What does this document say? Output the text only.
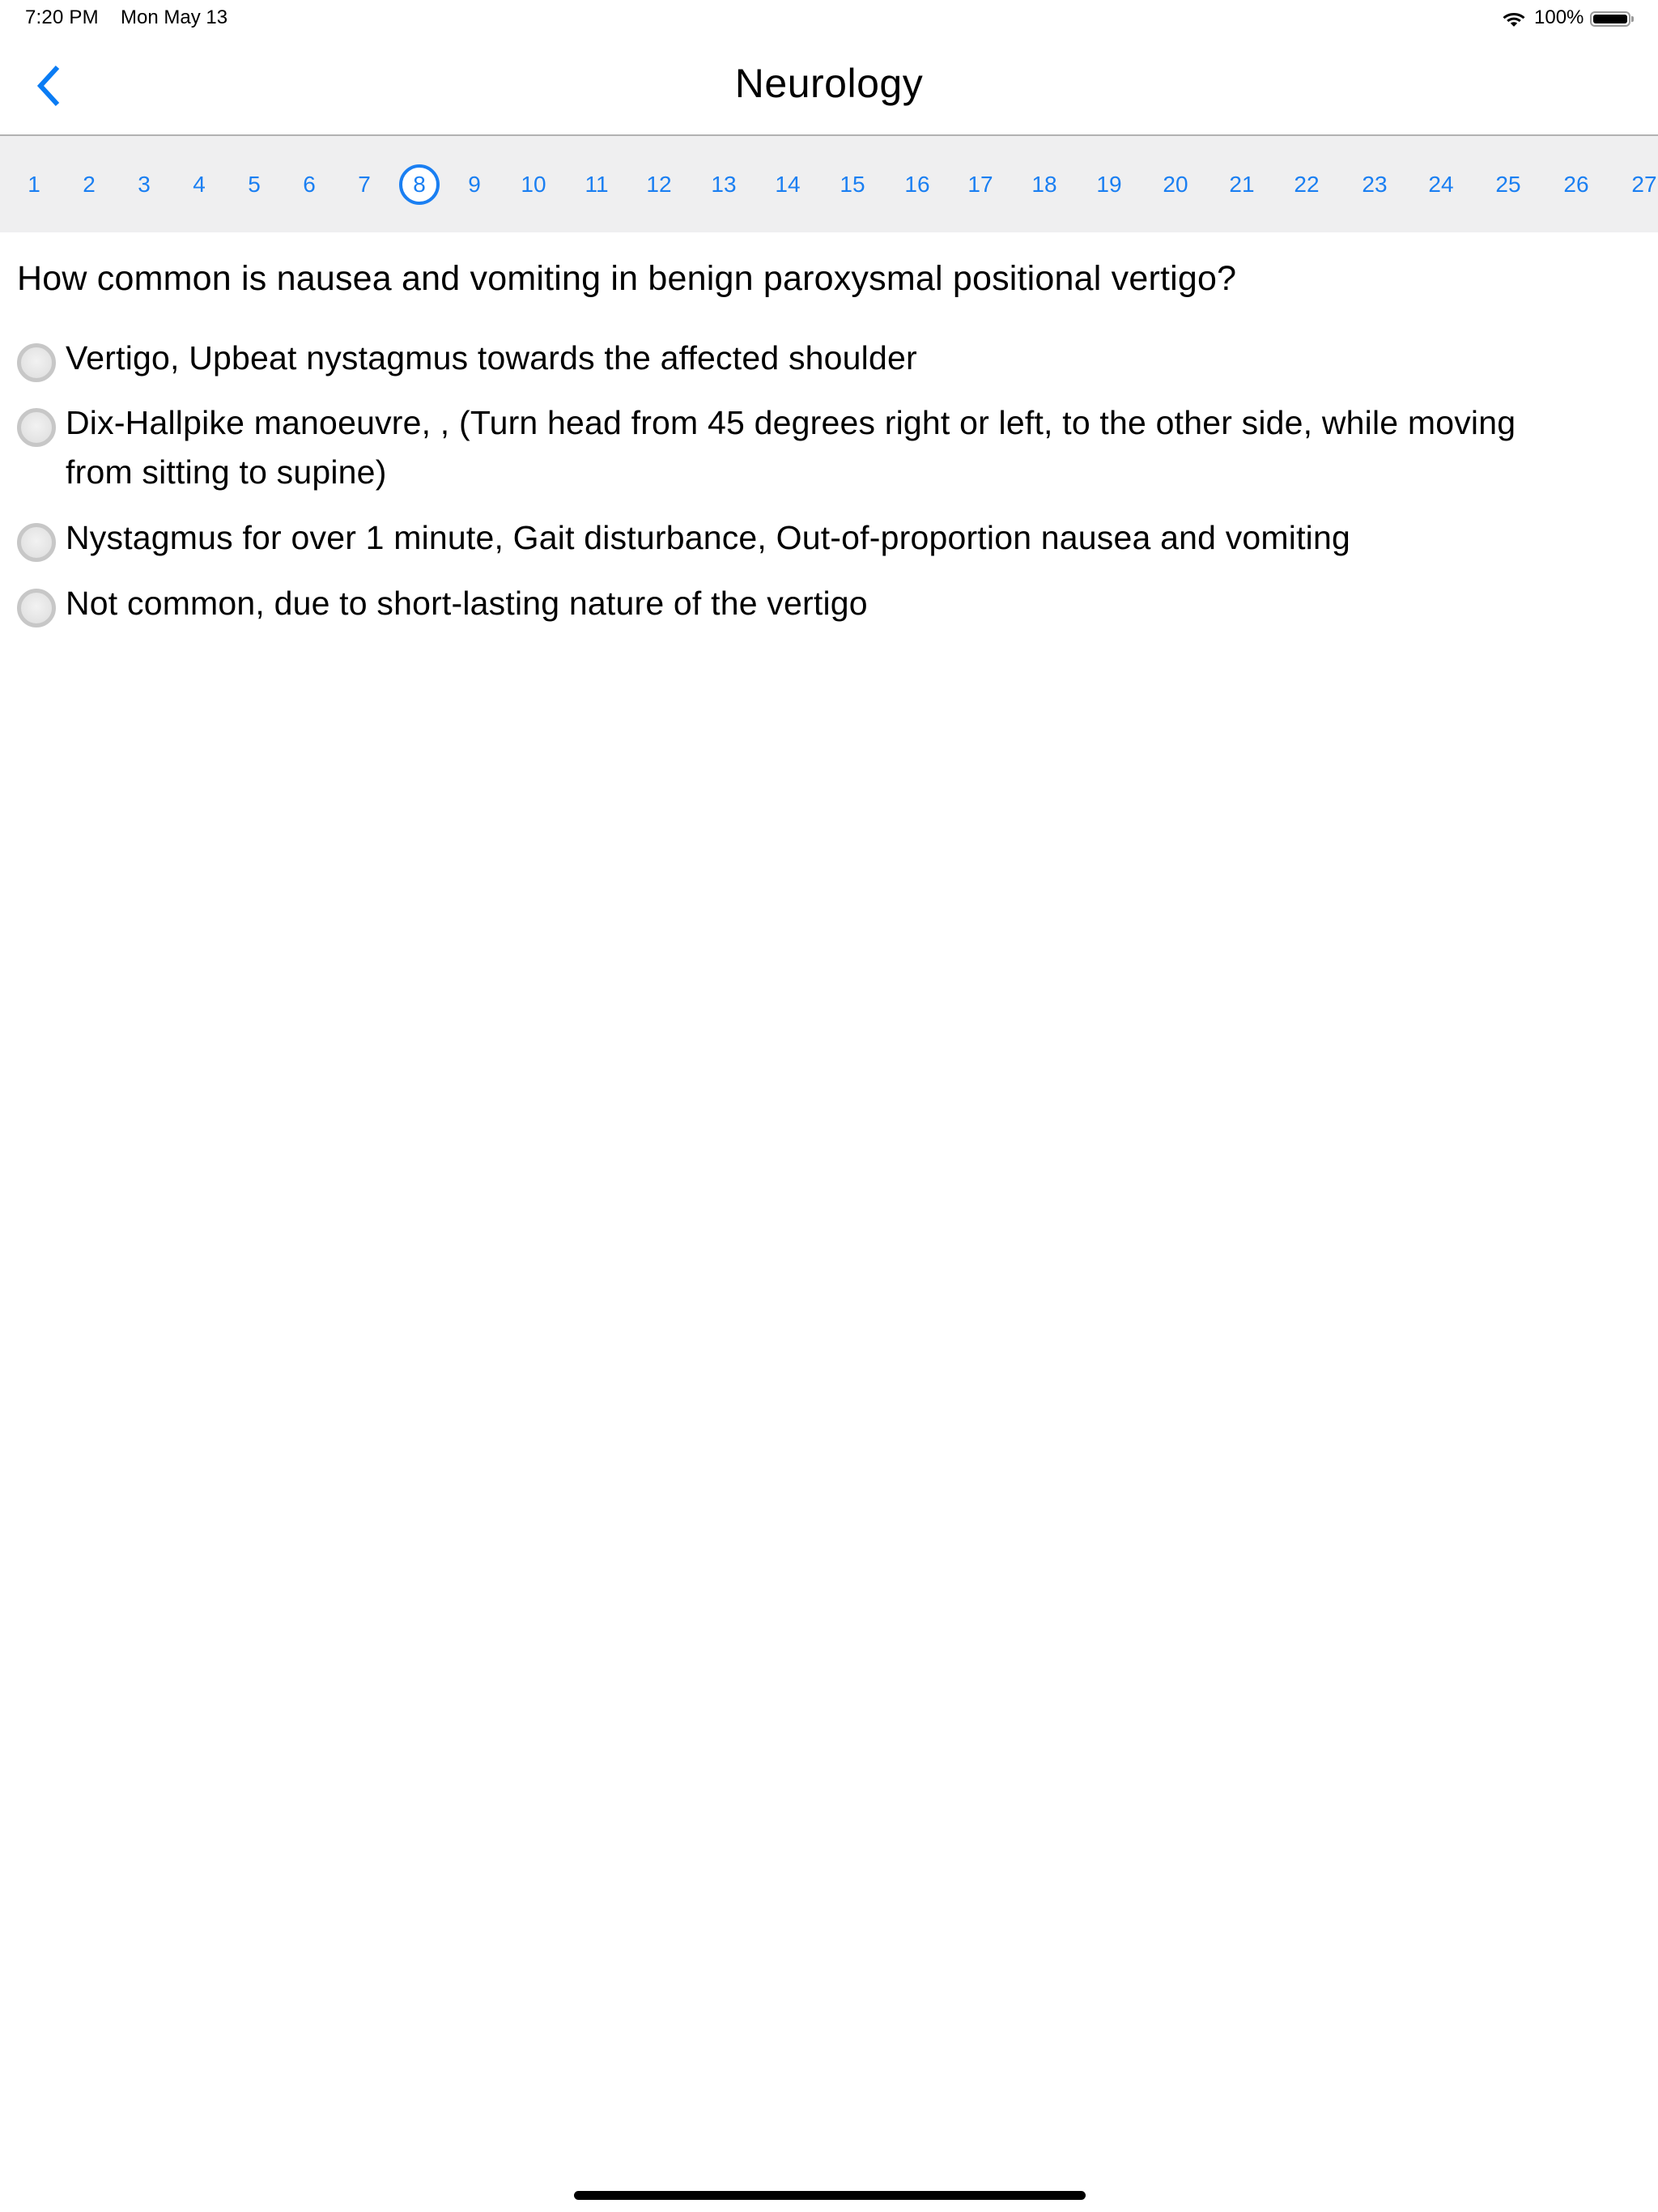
7:20 PM Mon May 13	100%
Neurology
1 2 3 4 5 6 7	8	9 10 11 12 13 14 15 16 17 18 19 20 21 22 23 24 25 26 27
How common is nausea and vomiting in benign paroxysmal positional vertigo?
Vertigo, Upbeat nystagmus towards the affected shoulder
Dix-Hallpike manoeuvre, , (Turn head from 45 degrees right or left, to the other side, while moving from sitting to supine)
Nystagmus for over 1 minute, Gait disturbance, Out-of-proportion nausea and vomiting
Not common, due to short-lasting nature of the vertigo
